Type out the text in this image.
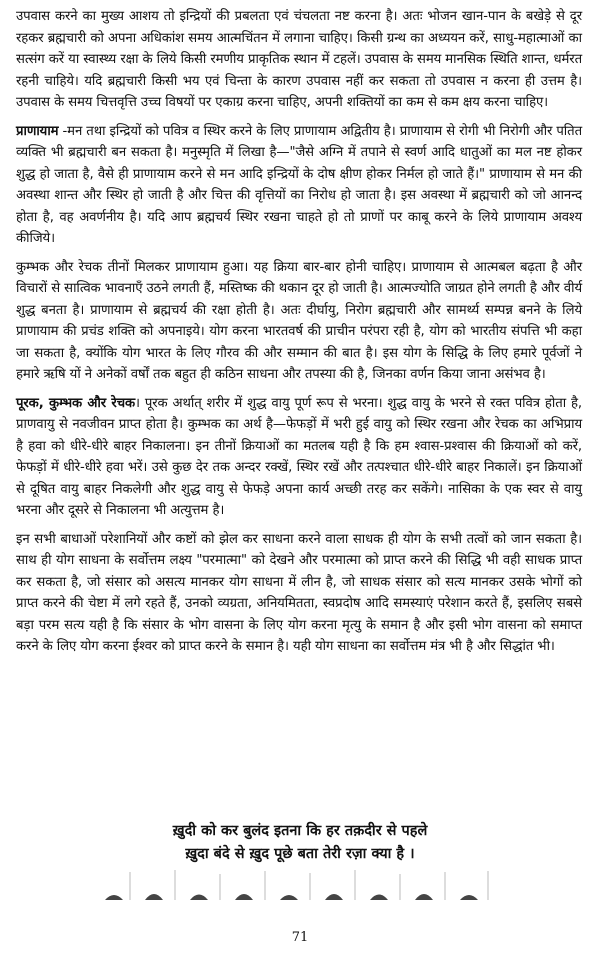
उपवास करने का मुख्य आशय तो इन्द्रियों की प्रबलता एवं चंचलता नष्ट करना है। अतः भोजन खान-पान के बखेड़े से दूर रहकर ब्रह्मचारी को अपना अधिकांश समय आत्मचिंतन में लगाना चाहिए। किसी ग्रन्थ का अध्ययन करें, साधु-महात्माओं का सत्संग करें या स्वास्थ्य रक्षा के लिये किसी रमणीय प्राकृतिक स्थान में टहलें। उपवास के समय मानसिक स्थिति शान्त, धर्मरत रहनी चाहिये। यदि ब्रह्मचारी किसी भय एवं चिन्ता के कारण उपवास नहीं कर सकता तो उपवास न करना ही उत्तम है। उपवास के समय चित्तवृत्ति उच्च विषयों पर एकाग्र करना चाहिए, अपनी शक्तियों का कम से कम क्षय करना चाहिए।

प्राणायाम -मन तथा इन्द्रियों को पवित्र व स्थिर करने के लिए प्राणायाम अद्वितीय है। प्राणायाम से रोगी भी निरोगी और पतित व्यक्ति भी ब्रह्मचारी बन सकता है। मनुस्मृति में लिखा है—"जैसे अग्नि में तपाने से स्वर्ण आदि धातुओं का मल नष्ट होकर शुद्ध हो जाता है, वैसे ही प्राणायाम करने से मन आदि इन्द्रियों के दोष क्षीण होकर निर्मल हो जाते हैं।" प्राणायाम से मन की अवस्था शान्त और स्थिर हो जाती है और चित्त की वृत्तियों का निरोध हो जाता है। इस अवस्था में ब्रह्मचारी को जो आनन्द होता है, वह अवर्णनीय है। यदि आप ब्रह्मचर्य स्थिर रखना चाहते हो तो प्राणों पर काबू करने के लिये प्राणायाम अवश्य कीजिये।

कुम्भक और रेचक तीनों मिलकर प्राणायाम हुआ। यह क्रिया बार-बार होनी चाहिए। प्राणायाम से आत्मबल बढ़ता है और विचारों से सात्विक भावनाएँ उठने लगती हैं, मस्तिष्क की थकान दूर हो जाती है। आत्मज्योति जाग्रत होने लगती है और वीर्य शुद्ध बनता है। प्राणायाम से ब्रह्मचर्य की रक्षा होती है। अतः दीर्घायु, निरोग ब्रह्मचारी और सामर्थ्य सम्पन्न बनने के लिये प्राणायाम की प्रचंड शक्ति को अपनाइये। योग करना भारतवर्ष की प्राचीन परंपरा रही है, योग को भारतीय संपत्ति भी कहा जा सकता है, क्योंकि योग भारत के लिए गौरव की और सम्मान की बात है। इस योग के सिद्धि के लिए हमारे पूर्वजों ने हमारे ऋषि यों ने अनेकों वर्षों तक बहुत ही कठिन साधना और तपस्या की है, जिनका वर्णन किया जाना असंभव है।

पूरक, कुम्भक और रेचक। पूरक अर्थात् शरीर में शुद्ध वायु पूर्ण रूप से भरना। शुद्ध वायु के भरने से रक्त पवित्र होता है, प्राणवायु से नवजीवन प्राप्त होता है। कुम्भक का अर्थ है—फेफड़ों में भरी हुई वायु को स्थिर रखना और रेचक का अभिप्राय है हवा को धीरे-धीरे बाहर निकालना। इन तीनों क्रियाओं का मतलब यही है कि हम श्वास-प्रश्वास की क्रियाओं को करें, फेफड़ों में धीरे-धीरे हवा भरें। उसे कुछ देर तक अन्दर रक्खें, स्थिर रखें और तत्पश्चात धीरे-धीरे बाहर निकालें। इन क्रियाओं से दूषित वायु बाहर निकलेगी और शुद्ध वायु से फेफड़े अपना कार्य अच्छी तरह कर सकेंगे। नासिका के एक स्वर से वायु भरना और दूसरे से निकालना भी अत्युत्तम है।

इन सभी बाधाओं परेशानियों और कष्टों को झेल कर साधना करने वाला साधक ही योग के सभी तत्वों को जान सकता है। साथ ही योग साधना के सर्वोत्तम लक्ष्य "परमात्मा" को देखने और परमात्मा को प्राप्त करने की सिद्धि भी वही साधक प्राप्त कर सकता है, जो संसार को असत्य मानकर योग साधना में लीन है, जो साधक संसार को सत्य मानकर उसके भोगों को प्राप्त करने की चेष्टा में लगे रहते हैं, उनको व्यग्रता, अनियमितता, स्वप्रदोष आदि समस्याएं परेशान करते हैं, इसलिए सबसे बड़ा परम सत्य यही है कि संसार के भोग वासना के लिए योग करना मृत्यु के समान है और इसी भोग वासना को समाप्त करने के लिए योग करना ईश्वर को प्राप्त करने के समान है। यही योग साधना का सर्वोत्तम मंत्र भी है और सिद्धांत भी।

ख़ुदी को कर बुलंद इतना कि हर तक़दीर से पहले
ख़ुदा बंदे से ख़ुद पूछे बता तेरी रज़ा क्या है ।
71
